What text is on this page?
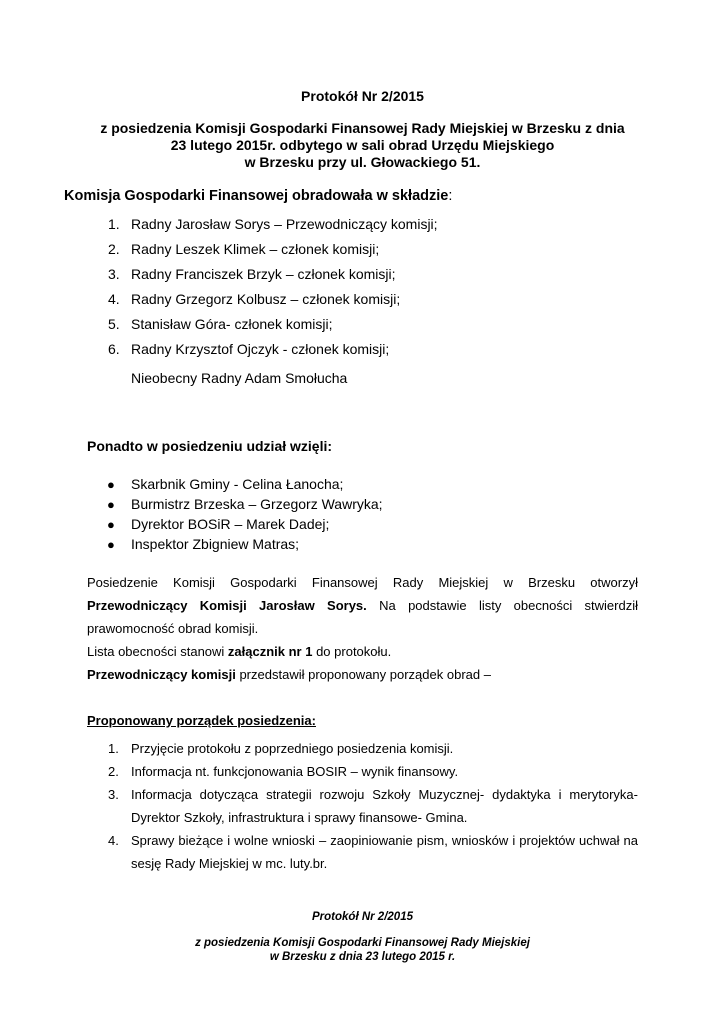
Protokół Nr 2/2015
z posiedzenia Komisji Gospodarki Finansowej Rady Miejskiej w Brzesku z dnia
23 lutego 2015r. odbytego w sali obrad Urzędu Miejskiego
w Brzesku przy ul. Głowackiego 51.
Komisja Gospodarki Finansowej obradowała w składzie:
1. Radny Jarosław Sorys – Przewodniczący komisji;
2. Radny Leszek Klimek – członek komisji;
3. Radny Franciszek Brzyk – członek komisji;
4. Radny Grzegorz Kolbusz – członek komisji;
5. Stanisław Góra- członek komisji;
6. Radny Krzysztof Ojczyk - członek komisji;
Nieobecny Radny Adam Smołucha
Ponadto w posiedzeniu udział wzięli:
● Skarbnik Gminy - Celina Łanocha;
● Burmistrz Brzeska – Grzegorz Wawryka;
● Dyrektor BOSiR – Marek Dadej;
● Inspektor Zbigniew Matras;
Posiedzenie Komisji Gospodarki Finansowej Rady Miejskiej w Brzesku otworzył Przewodniczący Komisji Jarosław Sorys. Na podstawie listy obecności stwierdził prawomocność obrad komisji.
Lista obecności stanowi załącznik nr 1 do protokołu.
Przewodniczący komisji przedstawił proponowany porządek obrad –
Proponowany porządek posiedzenia:
1. Przyjęcie protokołu z poprzedniego posiedzenia komisji.
2. Informacja nt. funkcjonowania BOSIR – wynik finansowy.
3. Informacja dotycząca strategii rozwoju Szkoły Muzycznej- dydaktyka i merytoryka- Dyrektor Szkoły, infrastruktura i sprawy finansowe- Gmina.
4. Sprawy bieżące i wolne wnioski – zaopiniowanie pism, wniosków i projektów uchwał na sesję Rady Miejskiej w mc. luty.br.
Protokół Nr 2/2015
z posiedzenia Komisji Gospodarki Finansowej Rady Miejskiej
w Brzesku z dnia 23 lutego 2015 r.
